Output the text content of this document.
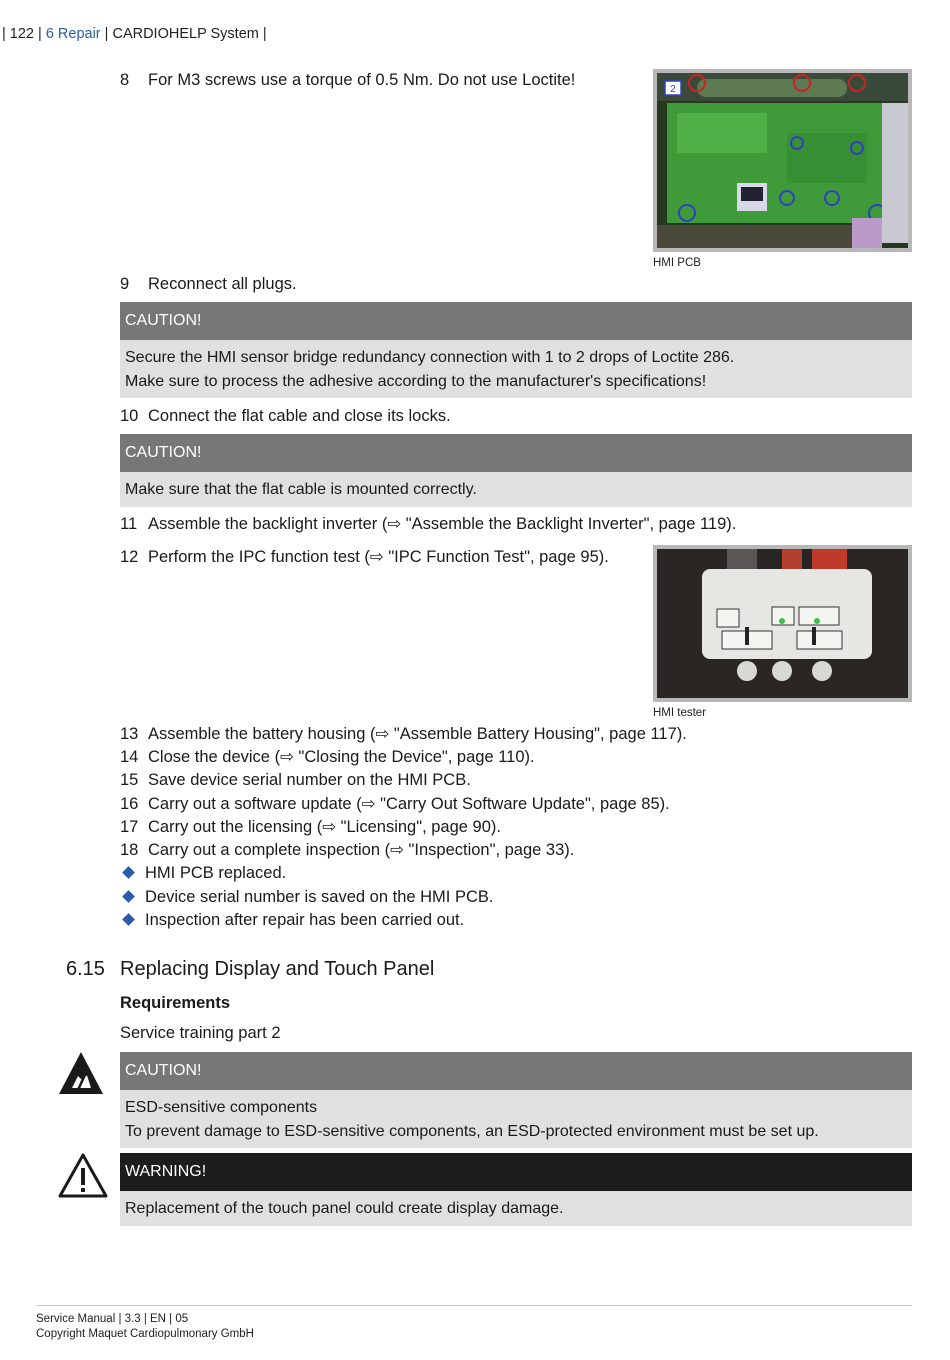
| 122 | 6 Repair | CARDIOHELP System |
8 For M3 screws use a torque of 0.5 Nm. Do not use Loctite!
2
HMI PCB
9 Reconnect all plugs.
CAUTION!
Secure the HMI sensor bridge redundancy connection with 1 to 2 drops of Loctite 286.
Make sure to process the adhesive according to the manufacturer's specifications!
10 Connect the flat cable and close its locks.
CAUTION!
Make sure that the flat cable is mounted correctly.
11 Assemble the backlight inverter (⇨ "Assemble the Backlight Inverter", page 119).
12 Perform the IPC function test (⇨ "IPC Function Test", page 95).
HMI tester
13 Assemble the battery housing (⇨ "Assemble Battery Housing", page 117).
14 Close the device (⇨ "Closing the Device", page 110).
15 Save device serial number on the HMI PCB.
16 Carry out a software update (⇨ "Carry Out Software Update", page 85).
17 Carry out the licensing (⇨ "Licensing", page 90).
18 Carry out a complete inspection (⇨ "Inspection", page 33).
HMI PCB replaced.
Device serial number is saved on the HMI PCB.
Inspection after repair has been carried out.
6.15 Replacing Display and Touch Panel
Requirements
Service training part 2
CAUTION!
ESD-sensitive components
To prevent damage to ESD-sensitive components, an ESD-protected environment must be set up.
WARNING!
Replacement of the touch panel could create display damage.
Service Manual | 3.3 | EN | 05
Copyright Maquet Cardiopulmonary GmbH
